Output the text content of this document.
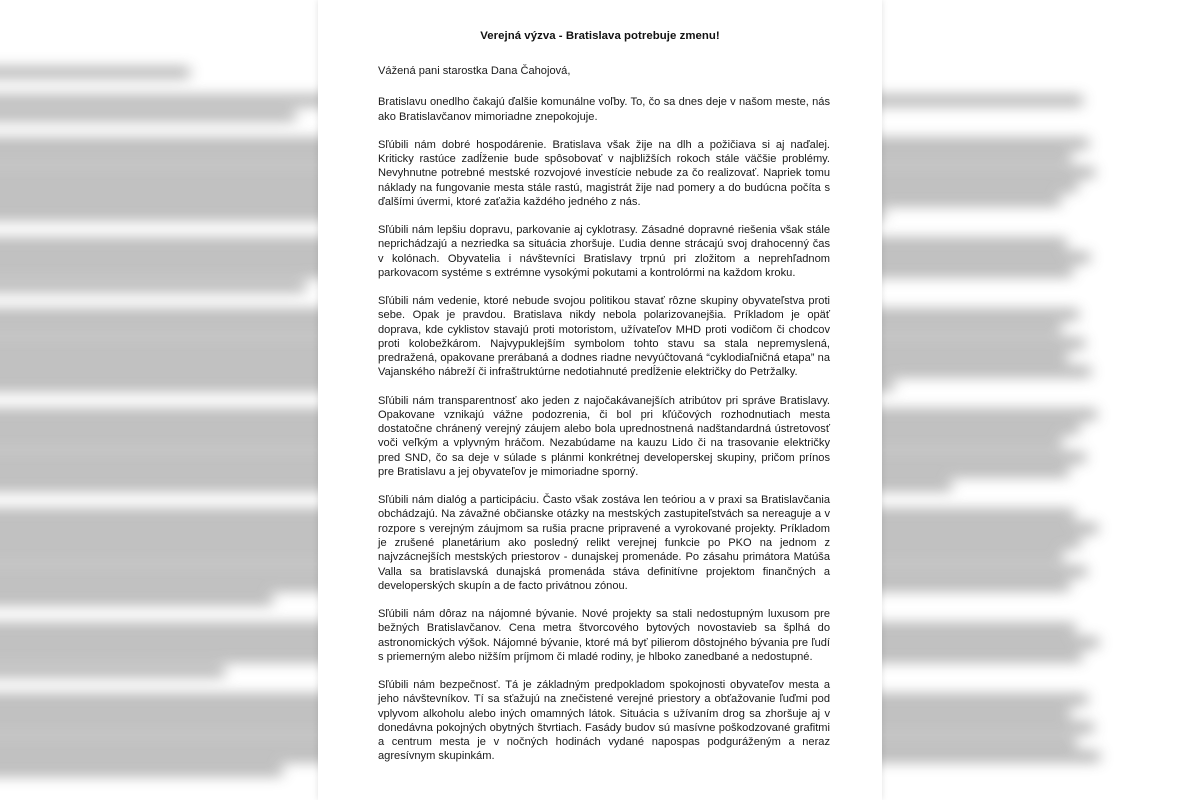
Verejná výzva - Bratislava potrebuje zmenu!

Vážená pani starostka Dana Čahojová,

Bratislavu onedlho čakajú ďalšie komunálne voľby. To, čo sa dnes deje v našom meste, nás ako Bratislavčanov mimoriadne znepokojuje.

Sľúbili nám dobré hospodárenie. Bratislava však žije na dlh a požičiava si aj naďalej. Kriticky rastúce zadĺženie bude spôsobovať v najbližších rokoch stále väčšie problémy. Nevyhnutne potrebné mestské rozvojové investície nebude za čo realizovať. Napriek tomu náklady na fungovanie mesta stále rastú, magistrát žije nad pomery a do budúcna počíta s ďalšími úvermi, ktoré zaťažia každého jedného z nás.

Sľúbili nám lepšiu dopravu, parkovanie aj cyklotrasy. Zásadné dopravné riešenia však stále neprichádzajú a nezriedka sa situácia zhoršuje. Ľudia denne strácajú svoj drahocenný čas v kolónach. Obyvatelia i návštevníci Bratislavy trpnú pri zložitom a neprehľadnom parkovacom systéme s extrémne vysokými pokutami a kontrolórmi na každom kroku.

Sľúbili nám vedenie, ktoré nebude svojou politikou stavať rôzne skupiny obyvateľstva proti sebe. Opak je pravdou. Bratislava nikdy nebola polarizovanejšia. Príkladom je opäť doprava, kde cyklistov stavajú proti motoristom, užívateľov MHD proti vodičom či chodcov proti kolobežkárom. Najvypuklejším symbolom tohto stavu sa stala nepremyslená, predražená, opakovane prerábaná a dodnes riadne nevyúčtovaná “cyklodiaľničná etapa” na Vajanského nábreží či infraštruktúrne nedotiahnuté predĺženie električky do Petržalky.

Sľúbili nám transparentnosť ako jeden z najočakávanejších atribútov pri správe Bratislavy. Opakovane vznikajú vážne podozrenia, či bol pri kľúčových rozhodnutiach mesta dostatočne chránený verejný záujem alebo bola uprednostnená nadštandardná ústretovosť voči veľkým a vplyvným hráčom. Nezabúdame na kauzu Lido či na trasovanie električky pred SND, čo sa deje v súlade s plánmi konkrétnej developerskej skupiny, pričom prínos pre Bratislavu a jej obyvateľov je mimoriadne sporný.

Sľúbili nám dialóg a participáciu. Často však zostáva len teóriou a v praxi sa Bratislavčania obchádzajú. Na závažné občianske otázky na mestských zastupiteľstvách sa nereaguje a v rozpore s verejným záujmom sa rušia pracne pripravené a vyrokované projekty. Príkladom je zrušené planetárium ako posledný relikt verejnej funkcie po PKO na jednom z najvzácnejších mestských priestorov - dunajskej promenáde. Po zásahu primátora Matúša Valla sa bratislavská dunajská promenáda stáva definitívne projektom finančných a developerských skupín a de facto privátnou zónou.

Sľúbili nám dôraz na nájomné bývanie. Nové projekty sa stali nedostupným luxusom pre bežných Bratislavčanov. Cena metra štvorcového bytových novostavieb sa šplhá do astronomických výšok. Nájomné bývanie, ktoré má byť pilierom dôstojného bývania pre ľudí s priemerným alebo nižším príjmom či mladé rodiny, je hlboko zanedbané a nedostupné.

Sľúbili nám bezpečnosť. Tá je základným predpokladom spokojnosti obyvateľov mesta a jeho návštevníkov. Tí sa sťažujú na znečistené verejné priestory a obťažovanie ľuďmi pod vplyvom alkoholu alebo iných omamných látok. Situácia s užívaním drog sa zhoršuje aj v donedávna pokojných obytných štvrtiach. Fasády budov sú masívne poškodzované grafitmi a centrum mesta je v nočných hodinách vydané napospas podguráženým a neraz agresívnym skupinkám.
